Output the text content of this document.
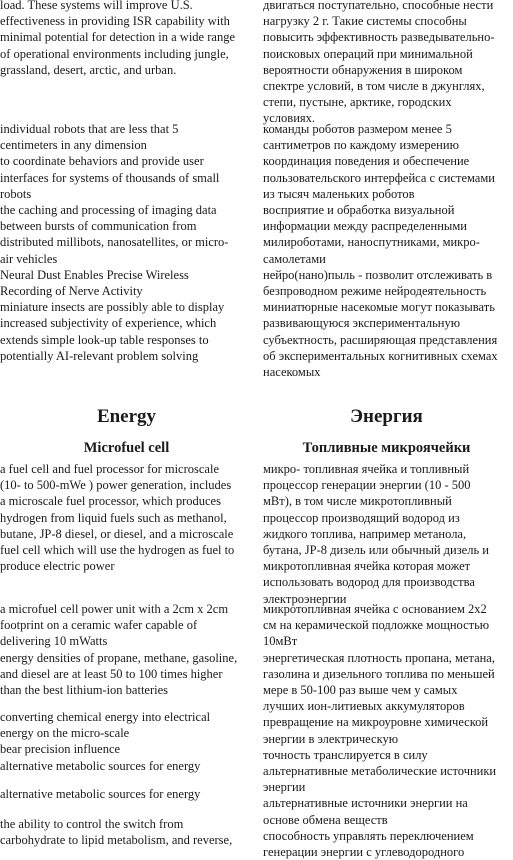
load. These systems will improve U.S.
effectiveness in providing ISR capability with
minimal potential for detection in a wide range
of operational environments including jungle,
grassland, desert, arctic, and urban.
двигаться поступательно, способные нести
нагрузку 2 г. Такие системы способны
повысить эффективность разведывательно-
поисковых операций при минимальной
вероятности обнаружения в широком
спектре условий, в том числе в джунглях,
степи, пустыне, арктике, городских
условиях.
individual robots that are less that 5
centimeters in any dimension
to coordinate behaviors and provide user
interfaces for systems of thousands of small
robots
the caching and processing of imaging data
between bursts of communication from
distributed millibots, nanosatellites, or micro-
air vehicles
Neural Dust Enables Precise Wireless
Recording of Nerve Activity
miniature insects are possibly able to display
increased subjectivity of experience, which
extends simple look-up table responses to
potentially AI-relevant problem solving
команды роботов размером менее 5
сантиметров по каждому измерению
координация поведения и обеспечение
пользовательского интерфейса с системами
из тысяч маленьких роботов
восприятие и обработка визуальной
информации между распределенными
милироботами, наноспутниками, микро-
самолетами
нейро(нано)пыль - позволит отслеживать в
безпроводном режиме нейродеятельность
миниатюрные насекомые могут показывать
развивающуюся экспериментальную
субъектность, расширяющая представления
об экспериментальных когнитивных схемах
насекомых
Energy	Энергия
Microfuel cell	Топливные микроячейки
a fuel cell and fuel processor for microscale
(10- to 500-mWe ) power generation, includes
a microscale fuel processor, which produces
hydrogen from liquid fuels such as methanol,
butane, JP-8 diesel, or diesel, and a microscale
fuel cell which will use the hydrogen as fuel to
produce electric power
микро- топливная ячейка и топливный
процессор генерации энергии (10 - 500
мВт), в том числе микротопливный
процессор производящий водород из
жидкого топлива, например метанола,
бутана, JP-8 дизель или обычный дизель и
микротопливная ячейка которая может
использовать водород для производства
электроэнергии
a microfuel cell power unit with a 2cm x 2cm
footprint on a ceramic wafer capable of
delivering 10 mWatts
energy densities of propane, methane, gasoline,
and diesel are at least 50 to 100 times higher
than the best lithium-ion batteries
микротопливная ячейка с основанием 2x2
см на керамической подложке мощностью
10мВт
энергетическая плотность пропана, метана,
газолина и дизельного топлива по меньшей
мере в 50-100 раз выше чем у самых
лучших ион-литиевых аккумуляторов
превращение на микроуровне химической
энергии в электрическую
точность транслируется в силу
альтернативные метаболические источники
энергии
альтернативные источники энергии на
основе обмена веществ
способность управлять переключением
генерации энергии с углеводородного
converting chemical energy into electrical
energy on the micro-scale
bear precision influence
alternative metabolic sources for energy
alternative metabolic sources for energy
the ability to control the switch from
carbohydrate to lipid metabolism, and reverse,
